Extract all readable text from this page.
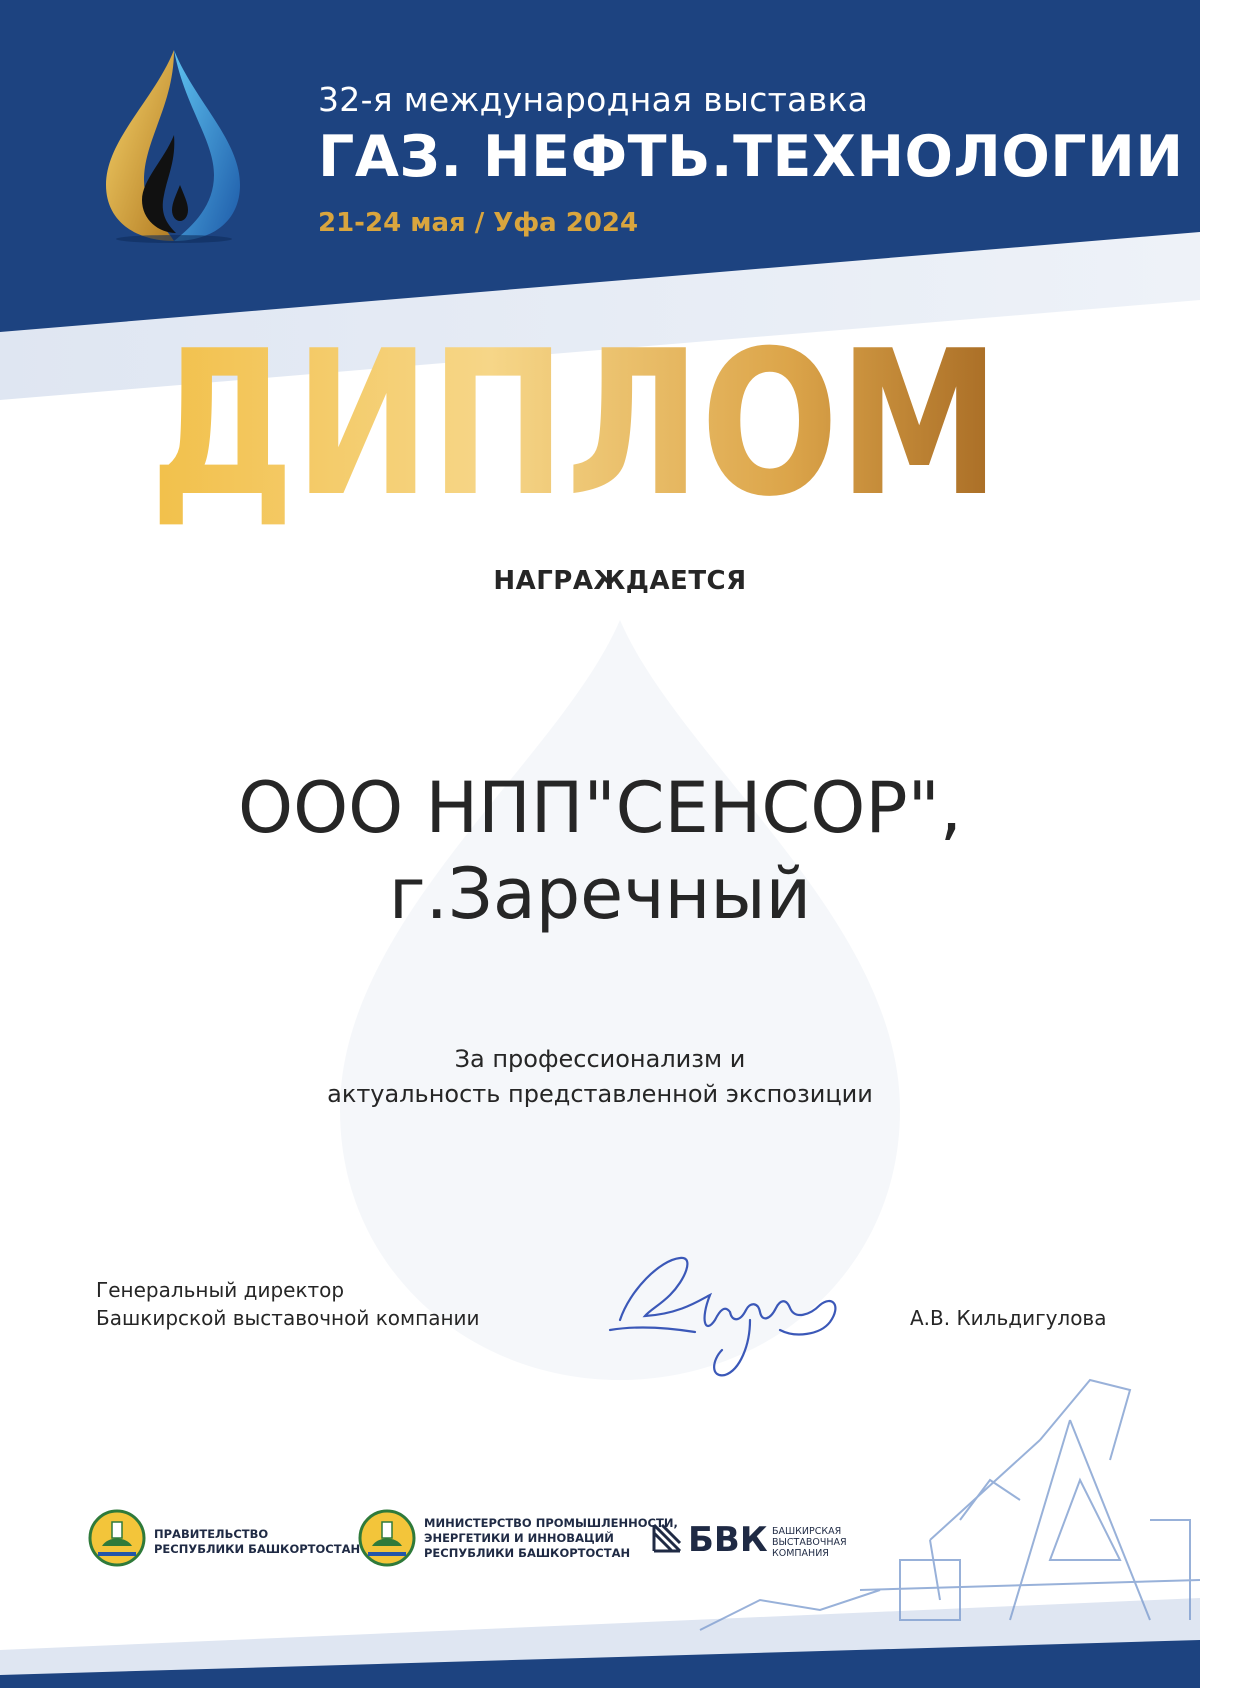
32-я международная выставка
ГАЗ. НЕФТЬ.ТЕХНОЛОГИИ
21-24 мая / Уфа 2024
ДИПЛОМ
НАГРАЖДАЕТСЯ
ООО НПП"СЕНСОР",
г.Заречный
За профессионализм и
актуальность представленной экспозиции
Генеральный директор
Башкирской выставочной компании	А.В. Кильдигулова
ПРАВИТЕЛЬСТВО
РЕСПУБЛИКИ БАШКОРТОСТАН
МИНИСТЕРСТВО ПРОМЫШЛЕННОСТИ,
ЭНЕРГЕТИКИ И ИННОВАЦИЙ
РЕСПУБЛИКИ БАШКОРТОСТАН	БВК БАШКИРСКАЯ
ВЫСТАВОЧНАЯ
КОМПАНИЯ
